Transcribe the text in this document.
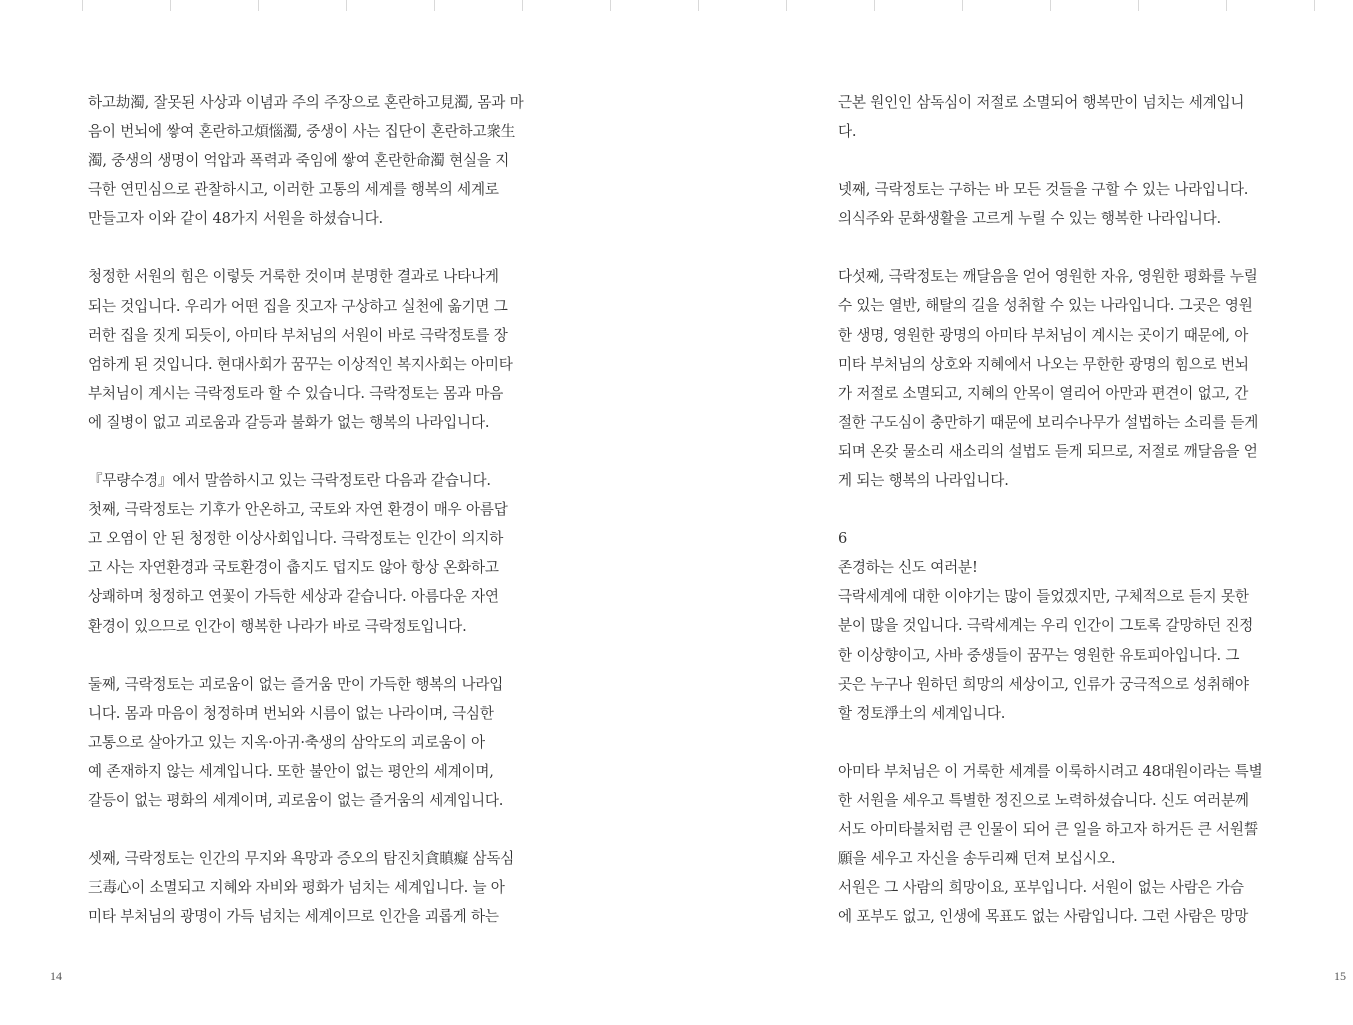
하고劫濁, 잘못된 사상과 이념과 주의 주장으로 혼란하고見濁, 몸과 마
음이 번뇌에 쌓여 혼란하고煩惱濁, 중생이 사는 집단이 혼란하고衆生
濁, 중생의 생명이 억압과 폭력과 죽임에 쌓여 혼란한命濁 현실을 지
극한 연민심으로 관찰하시고, 이러한 고통의 세계를 행복의 세계로
만들고자 이와 같이 48가지 서원을 하셨습니다.
청정한 서원의 힘은 이렇듯 거룩한 것이며 분명한 결과로 나타나게
되는 것입니다. 우리가 어떤 집을 짓고자 구상하고 실천에 옮기면 그
러한 집을 짓게 되듯이, 아미타 부처님의 서원이 바로 극락정토를 장
엄하게 된 것입니다. 현대사회가 꿈꾸는 이상적인 복지사회는 아미타
부처님이 계시는 극락정토라 할 수 있습니다. 극락정토는 몸과 마음
에 질병이 없고 괴로움과 갈등과 불화가 없는 행복의 나라입니다.
『무량수경』에서 말씀하시고 있는 극락정토란 다음과 같습니다.
첫째, 극락정토는 기후가 안온하고, 국토와 자연 환경이 매우 아름답
고 오염이 안 된 청정한 이상사회입니다. 극락정토는 인간이 의지하
고 사는 자연환경과 국토환경이 춥지도 덥지도 않아 항상 온화하고
상쾌하며 청정하고 연꽃이 가득한 세상과 같습니다. 아름다운 자연
환경이 있으므로 인간이 행복한 나라가 바로 극락정토입니다.
둘째, 극락정토는 괴로움이 없는 즐거움 만이 가득한 행복의 나라입
니다. 몸과 마음이 청정하며 번뇌와 시름이 없는 나라이며, 극심한
고통으로 살아가고 있는 지옥·아귀·축생의 삼악도의 괴로움이 아
예 존재하지 않는 세계입니다. 또한 불안이 없는 평안의 세계이며,
갈등이 없는 평화의 세계이며, 괴로움이 없는 즐거움의 세계입니다.
셋째, 극락정토는 인간의 무지와 욕망과 증오의 탐진치貪瞋癡 삼독심
三毒心이 소멸되고 지혜와 자비와 평화가 넘치는 세계입니다. 늘 아
미타 부처님의 광명이 가득 넘치는 세계이므로 인간을 괴롭게 하는
근본 원인인 삼독심이 저절로 소멸되어 행복만이 넘치는 세계입니
다.
넷째, 극락정토는 구하는 바 모든 것들을 구할 수 있는 나라입니다.
의식주와 문화생활을 고르게 누릴 수 있는 행복한 나라입니다.
다섯째, 극락정토는 깨달음을 얻어 영원한 자유, 영원한 평화를 누릴
수 있는 열반, 해탈의 길을 성취할 수 있는 나라입니다. 그곳은 영원
한 생명, 영원한 광명의 아미타 부처님이 계시는 곳이기 때문에, 아
미타 부처님의 상호와 지혜에서 나오는 무한한 광명의 힘으로 번뇌
가 저절로 소멸되고, 지혜의 안목이 열리어 아만과 편견이 없고, 간
절한 구도심이 충만하기 때문에 보리수나무가 설법하는 소리를 듣게
되며 온갖 물소리 새소리의 설법도 듣게 되므로, 저절로 깨달음을 얻
게 되는 행복의 나라입니다.
6
존경하는 신도 여러분!
극락세계에 대한 이야기는 많이 들었겠지만, 구체적으로 듣지 못한
분이 많을 것입니다. 극락세계는 우리 인간이 그토록 갈망하던 진정
한 이상향이고, 사바 중생들이 꿈꾸는 영원한 유토피아입니다. 그
곳은 누구나 원하던 희망의 세상이고, 인류가 궁극적으로 성취해야
할 정토淨土의 세계입니다.
아미타 부처님은 이 거룩한 세계를 이룩하시려고 48대원이라는 특별
한 서원을 세우고 특별한 정진으로 노력하셨습니다. 신도 여러분께
서도 아미타불처럼 큰 인물이 되어 큰 일을 하고자 하거든 큰 서원誓
願을 세우고 자신을 송두리째 던져 보십시오.
서원은 그 사람의 희망이요, 포부입니다. 서원이 없는 사람은 가슴
에 포부도 없고, 인생에 목표도 없는 사람입니다. 그런 사람은 망망
14	15
